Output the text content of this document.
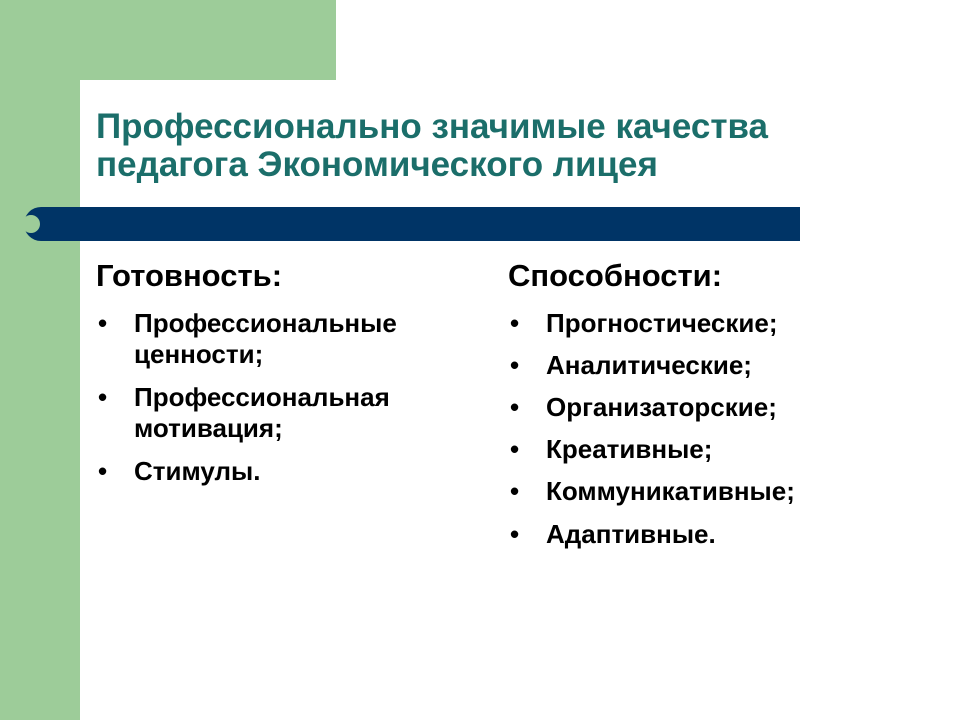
Профессионально значимые качества педагога Экономического лицея
Готовность:
• Профессиональные ценности;
• Профессиональная мотивация;
• Стимулы.
Способности:
• Прогностические;
• Аналитические;
• Организаторские;
• Креативные;
• Коммуникативные;
• Адаптивные.
